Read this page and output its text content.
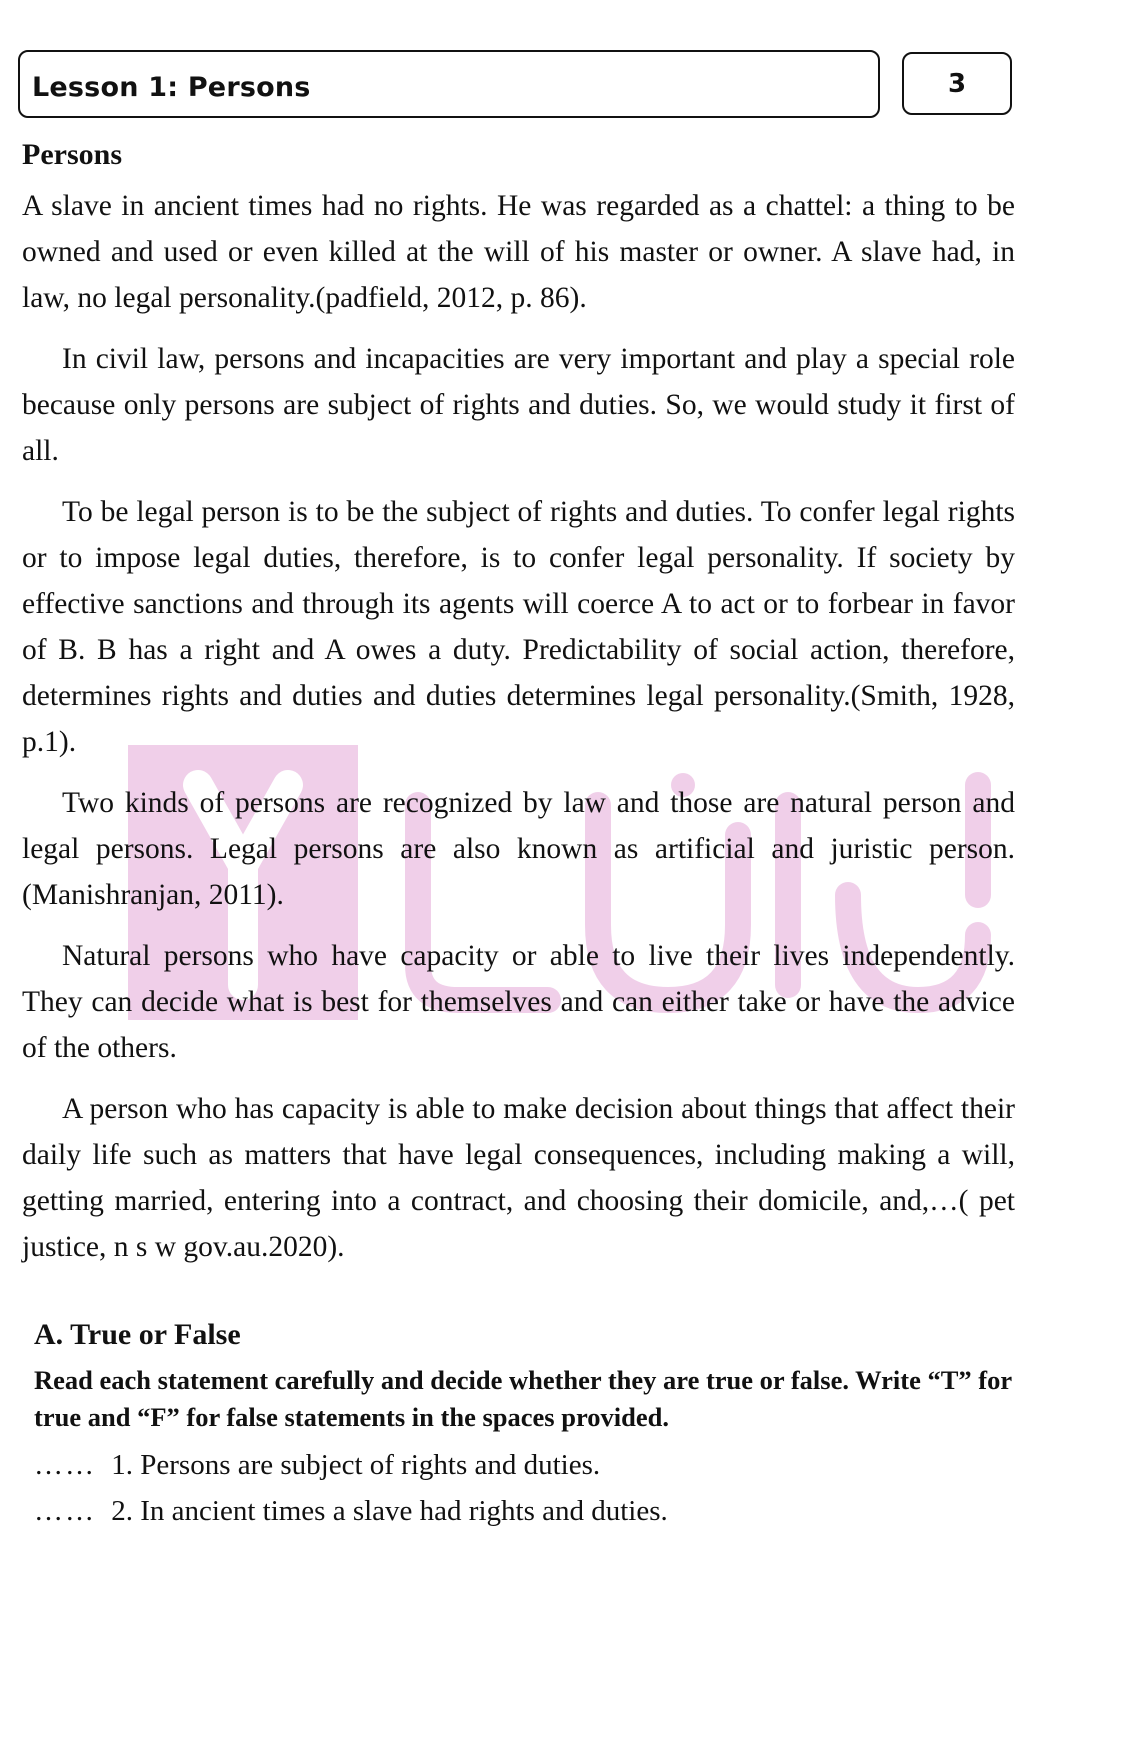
Lesson 1: Persons	3
Persons

A slave in ancient times had no rights. He was regarded as a chattel: a thing to be owned and used or even killed at the will of his master or owner. A slave had, in law, no legal personality.(padfield, 2012, p. 86).

In civil law, persons and incapacities are very important and play a special role because only persons are subject of rights and duties. So, we would study it first of all.

To be legal person is to be the subject of rights and duties. To confer legal rights or to impose legal duties, therefore, is to confer legal personality. If society by effective sanctions and through its agents will coerce A to act or to forbear in favor of B. B has a right and A owes a duty. Predictability of social action, therefore, determines rights and duties and duties determines legal personality.(Smith, 1928, p.1).

Two kinds of persons are recognized by law and those are natural person and legal persons. Legal persons are also known as artificial and juristic person. (Manishranjan, 2011).

Natural persons who have capacity or able to live their lives independently. They can decide what is best for themselves and can either take or have the advice of the others.

A person who has capacity is able to make decision about things that affect their daily life such as matters that have legal consequences, including making a will, getting married, entering into a contract, and choosing their domicile, and,…( pet justice, n s w gov.au.2020).

A. True or False
Read each statement carefully and decide whether they are true or false. Write “T” for true and “F” for false statements in the spaces provided.
…… 1. Persons are subject of rights and duties.
…… 2. In ancient times a slave had rights and duties.
